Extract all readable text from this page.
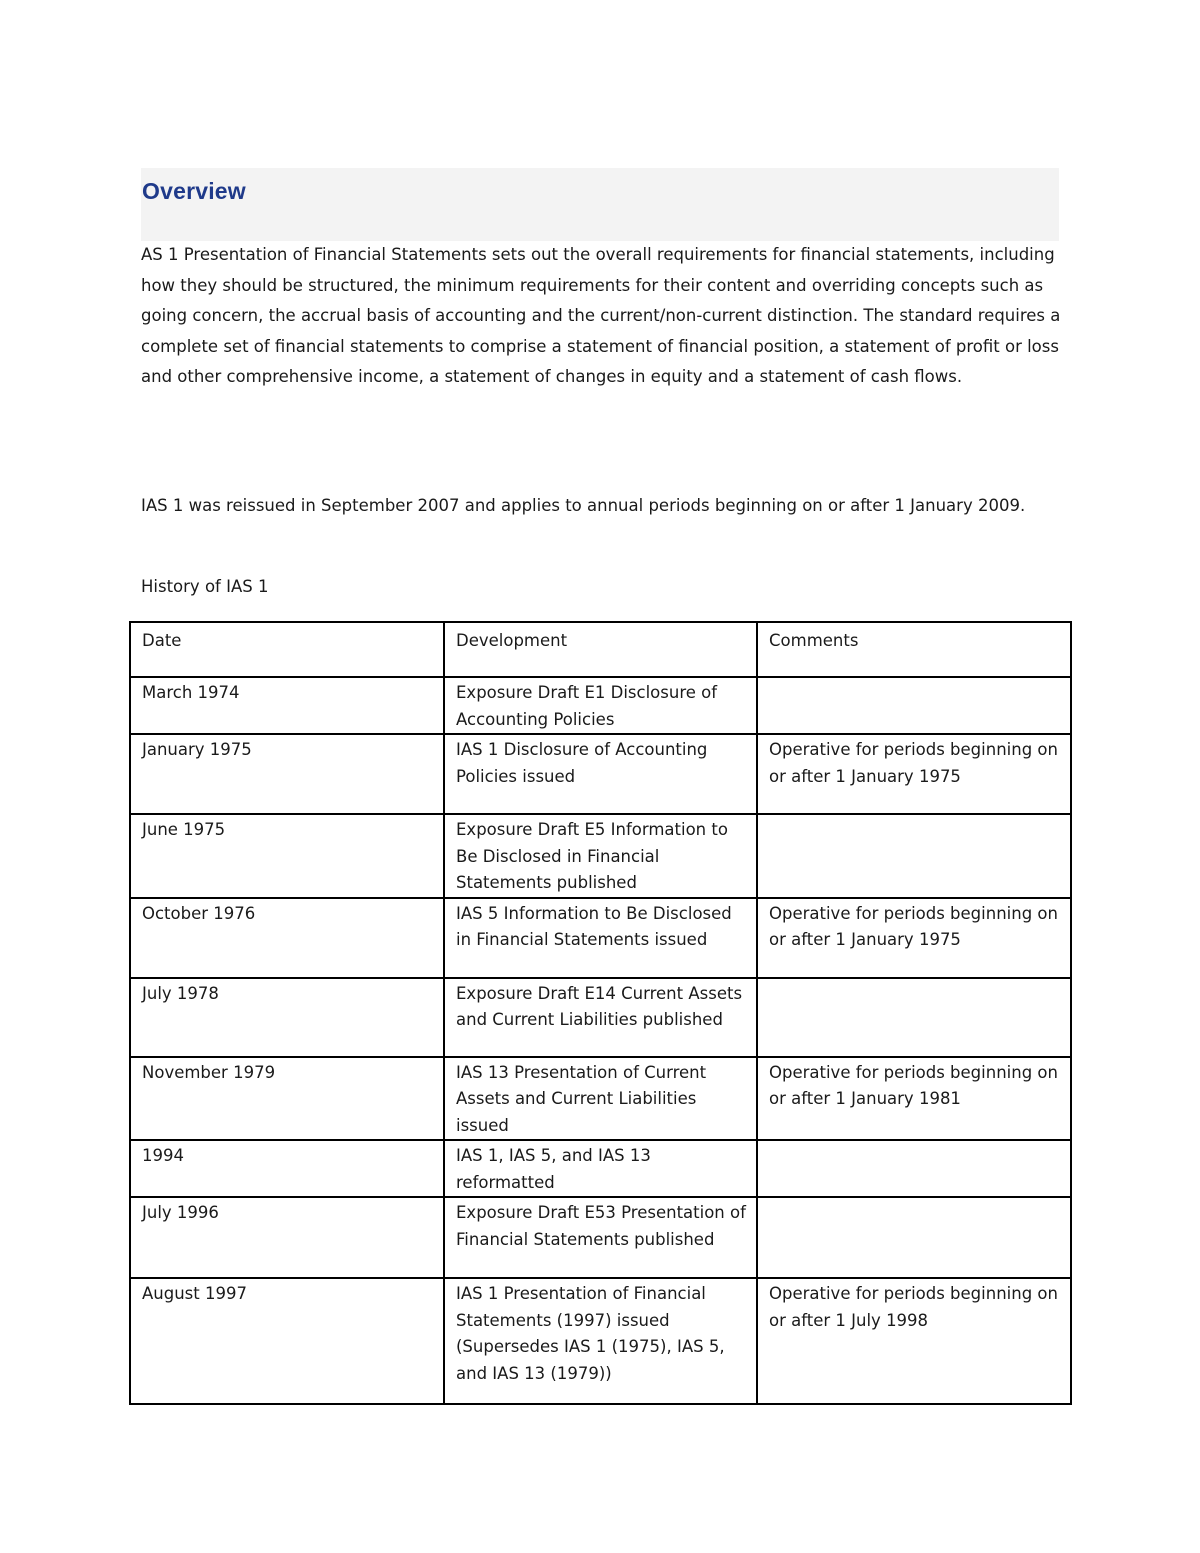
Overview
AS 1 Presentation of Financial Statements sets out the overall requirements for financial statements, including how they should be structured, the minimum requirements for their content and overriding concepts such as going concern, the accrual basis of accounting and the current/non-current distinction. The standard requires a complete set of financial statements to comprise a statement of financial position, a statement of profit or loss and other comprehensive income, a statement of changes in equity and a statement of cash flows.
IAS 1 was reissued in September 2007 and applies to annual periods beginning on or after 1 January 2009.
History of IAS 1
Date	Development	Comments
March 1974	Exposure Draft E1 Disclosure of Accounting Policies	
January 1975	IAS 1 Disclosure of Accounting Policies issued	Operative for periods beginning on or after 1 January 1975
June 1975	Exposure Draft E5 Information to Be Disclosed in Financial Statements published	
October 1976	IAS 5 Information to Be Disclosed in Financial Statements issued	Operative for periods beginning on or after 1 January 1975
July 1978	Exposure Draft E14 Current Assets and Current Liabilities published	
November 1979	IAS 13 Presentation of Current Assets and Current Liabilities issued	Operative for periods beginning on or after 1 January 1981
1994	IAS 1, IAS 5, and IAS 13 reformatted	
July 1996	Exposure Draft E53 Presentation of Financial Statements published	
August 1997	IAS 1 Presentation of Financial Statements (1997) issued (Supersedes IAS 1 (1975), IAS 5, and IAS 13 (1979))	Operative for periods beginning on or after 1 July 1998
